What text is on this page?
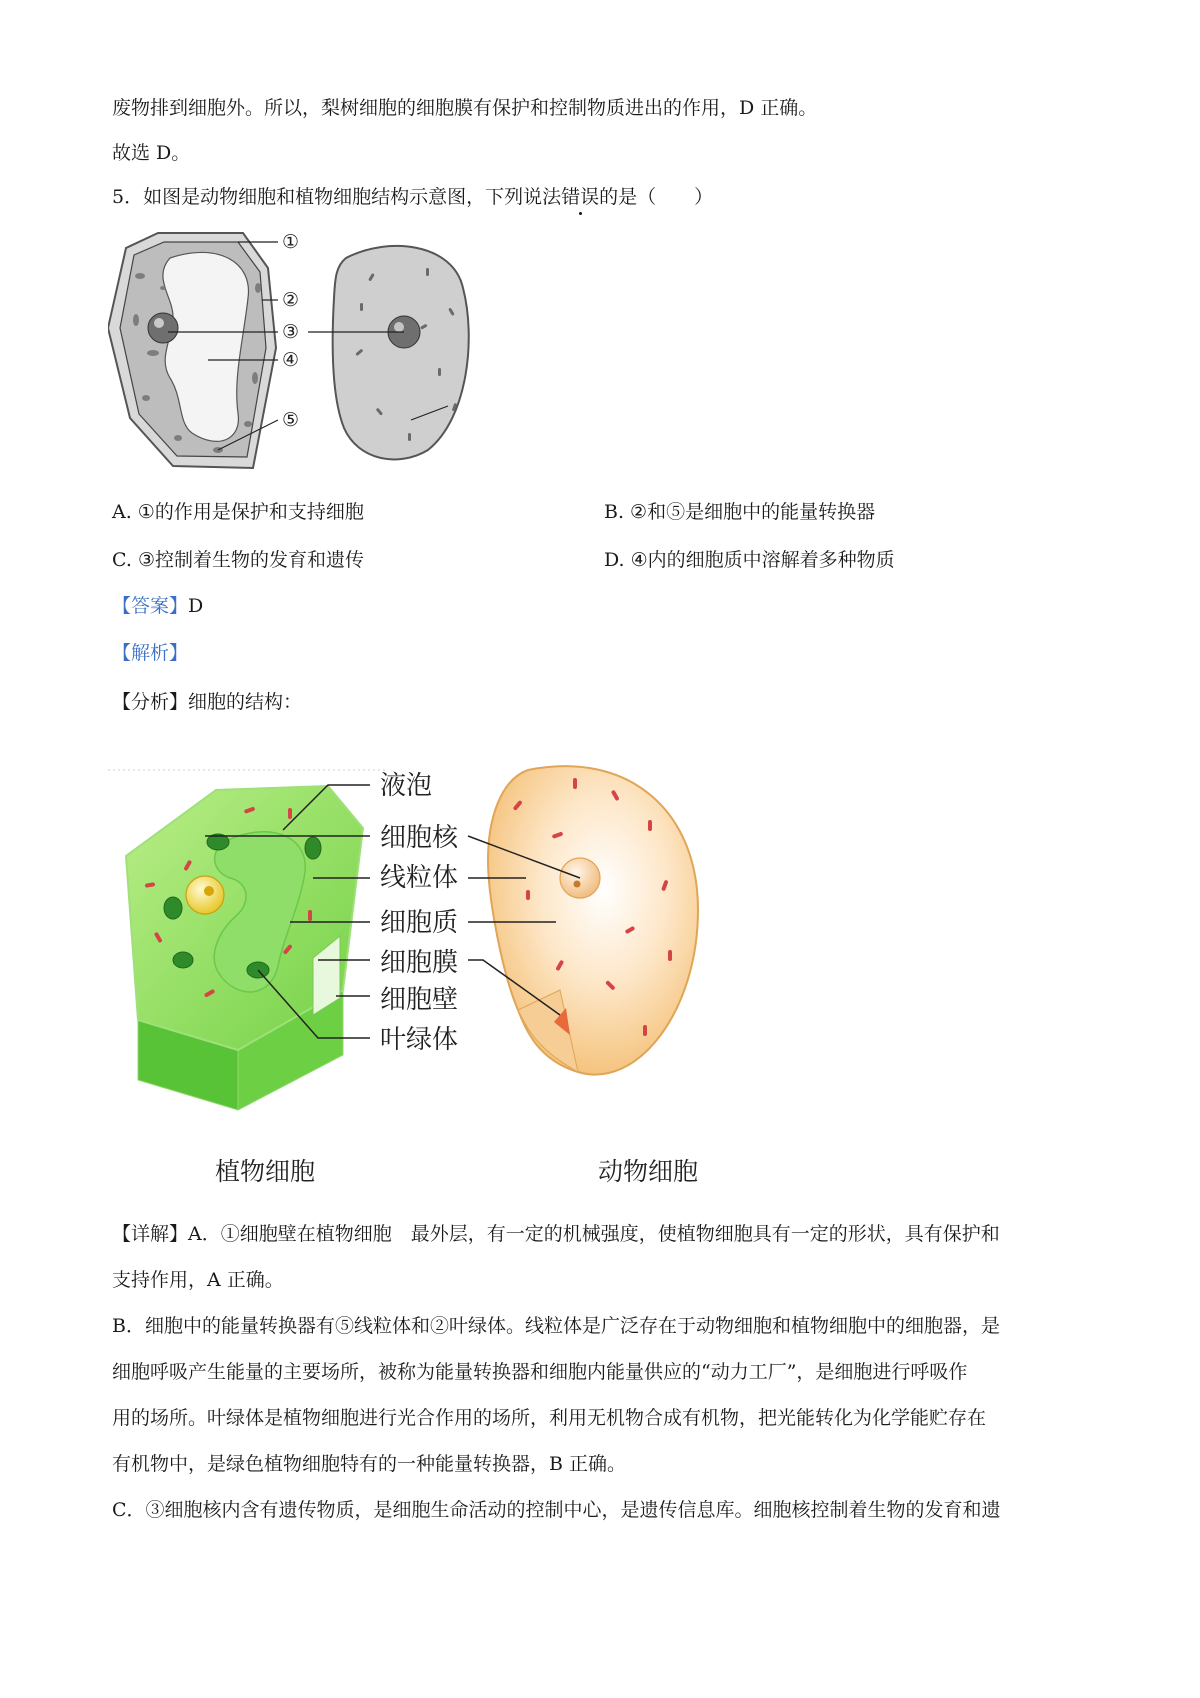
废物排到细胞外。所以，梨树细胞的细胞膜有保护和控制物质进出的作用，D 正确。
故选 D。
5．如图是动物细胞和植物细胞结构示意图，下列说法错误的是（　　）
①
②
③
④
⑤
A. ①的作用是保护和支持细胞	B. ②和⑤是细胞中的能量转换器
C. ③控制着生物的发育和遗传	D. ④内的细胞质中溶解着多种物质
【答案】D
【解析】
【分析】细胞的结构：
液泡
细胞核
线粒体
细胞质
细胞膜
细胞壁
叶绿体
植物细胞	动物细胞
【详解】A．①细胞壁在植物细胞　最外层，有一定的机械强度，使植物细胞具有一定的形状，具有保护和
支持作用，A 正确。
B．细胞中的能量转换器有⑤线粒体和②叶绿体。线粒体是广泛存在于动物细胞和植物细胞中的细胞器，是
细胞呼吸产生能量的主要场所，被称为能量转换器和细胞内能量供应的“动力工厂”，是细胞进行呼吸作
用的场所。叶绿体是植物细胞进行光合作用的场所，利用无机物合成有机物，把光能转化为化学能贮存在
有机物中，是绿色植物细胞特有的一种能量转换器，B 正确。
C．③细胞核内含有遗传物质，是细胞生命活动的控制中心，是遗传信息库。细胞核控制着生物的发育和遗
